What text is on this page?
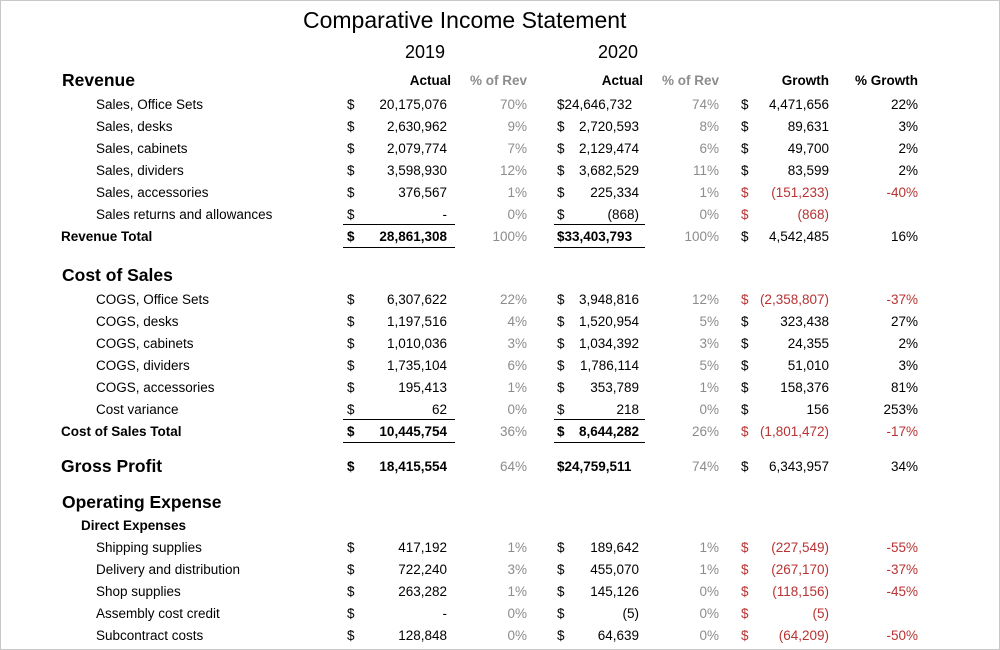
Comparative Income Statement
2019	2020
Revenue	Actual	% of Rev	Actual	% of Rev	Growth	% Growth
Cost of Sales
Operating Expense
Direct Expenses
Sales, Office Sets	$	20,175,076	70% $24,646,732	74% $	4,471,656	22%
Sales, desks	$	2,630,962	9% $	2,720,593	8% $	89,631	3%
Sales, cabinets	$	2,079,774	7% $	2,129,474	6% $	49,700	2%
Sales, dividers	$	3,598,930	12% $	3,682,529	11% $	83,599	2%
Sales, accessories	$	376,567	1% $	225,334	1% $	(151,233)	-40%
Sales returns and allowances	$	-	0% $	(868)	0% $	(868)
Revenue Total	$	28,861,308	100% $33,403,793	100% $	4,542,485	16%
COGS, Office Sets	$	6,307,622	22% $	3,948,816	12% $ (2,358,807)	-37%
COGS, desks	$	1,197,516	4% $	1,520,954	5% $	323,438	27%
COGS, cabinets	$	1,010,036	3% $	1,034,392	3% $	24,355	2%
COGS, dividers	$	1,735,104	6% $	1,786,114	5% $	51,010	3%
COGS, accessories	$	195,413	1% $	353,789	1% $	158,376	81%
Cost variance	$	62	0% $	218	0% $	156	253%
Cost of Sales Total	$	10,445,754	36% $	8,644,282	26% $ (1,801,472)	-17%
Gross Profit	$	18,415,554	64% $24,759,511	74% $	6,343,957	34%
Shipping supplies	$	417,192	1% $	189,642	1% $	(227,549)	-55%
Delivery and distribution	$	722,240	3% $	455,070	1% $	(267,170)	-37%
Shop supplies	$	263,282	1% $	145,126	0% $	(118,156)	-45%
Assembly cost credit	$	-	0% $	(5)	0% $	(5)
Subcontract costs	$	128,848	0% $	64,639	0% $	(64,209)	-50%
